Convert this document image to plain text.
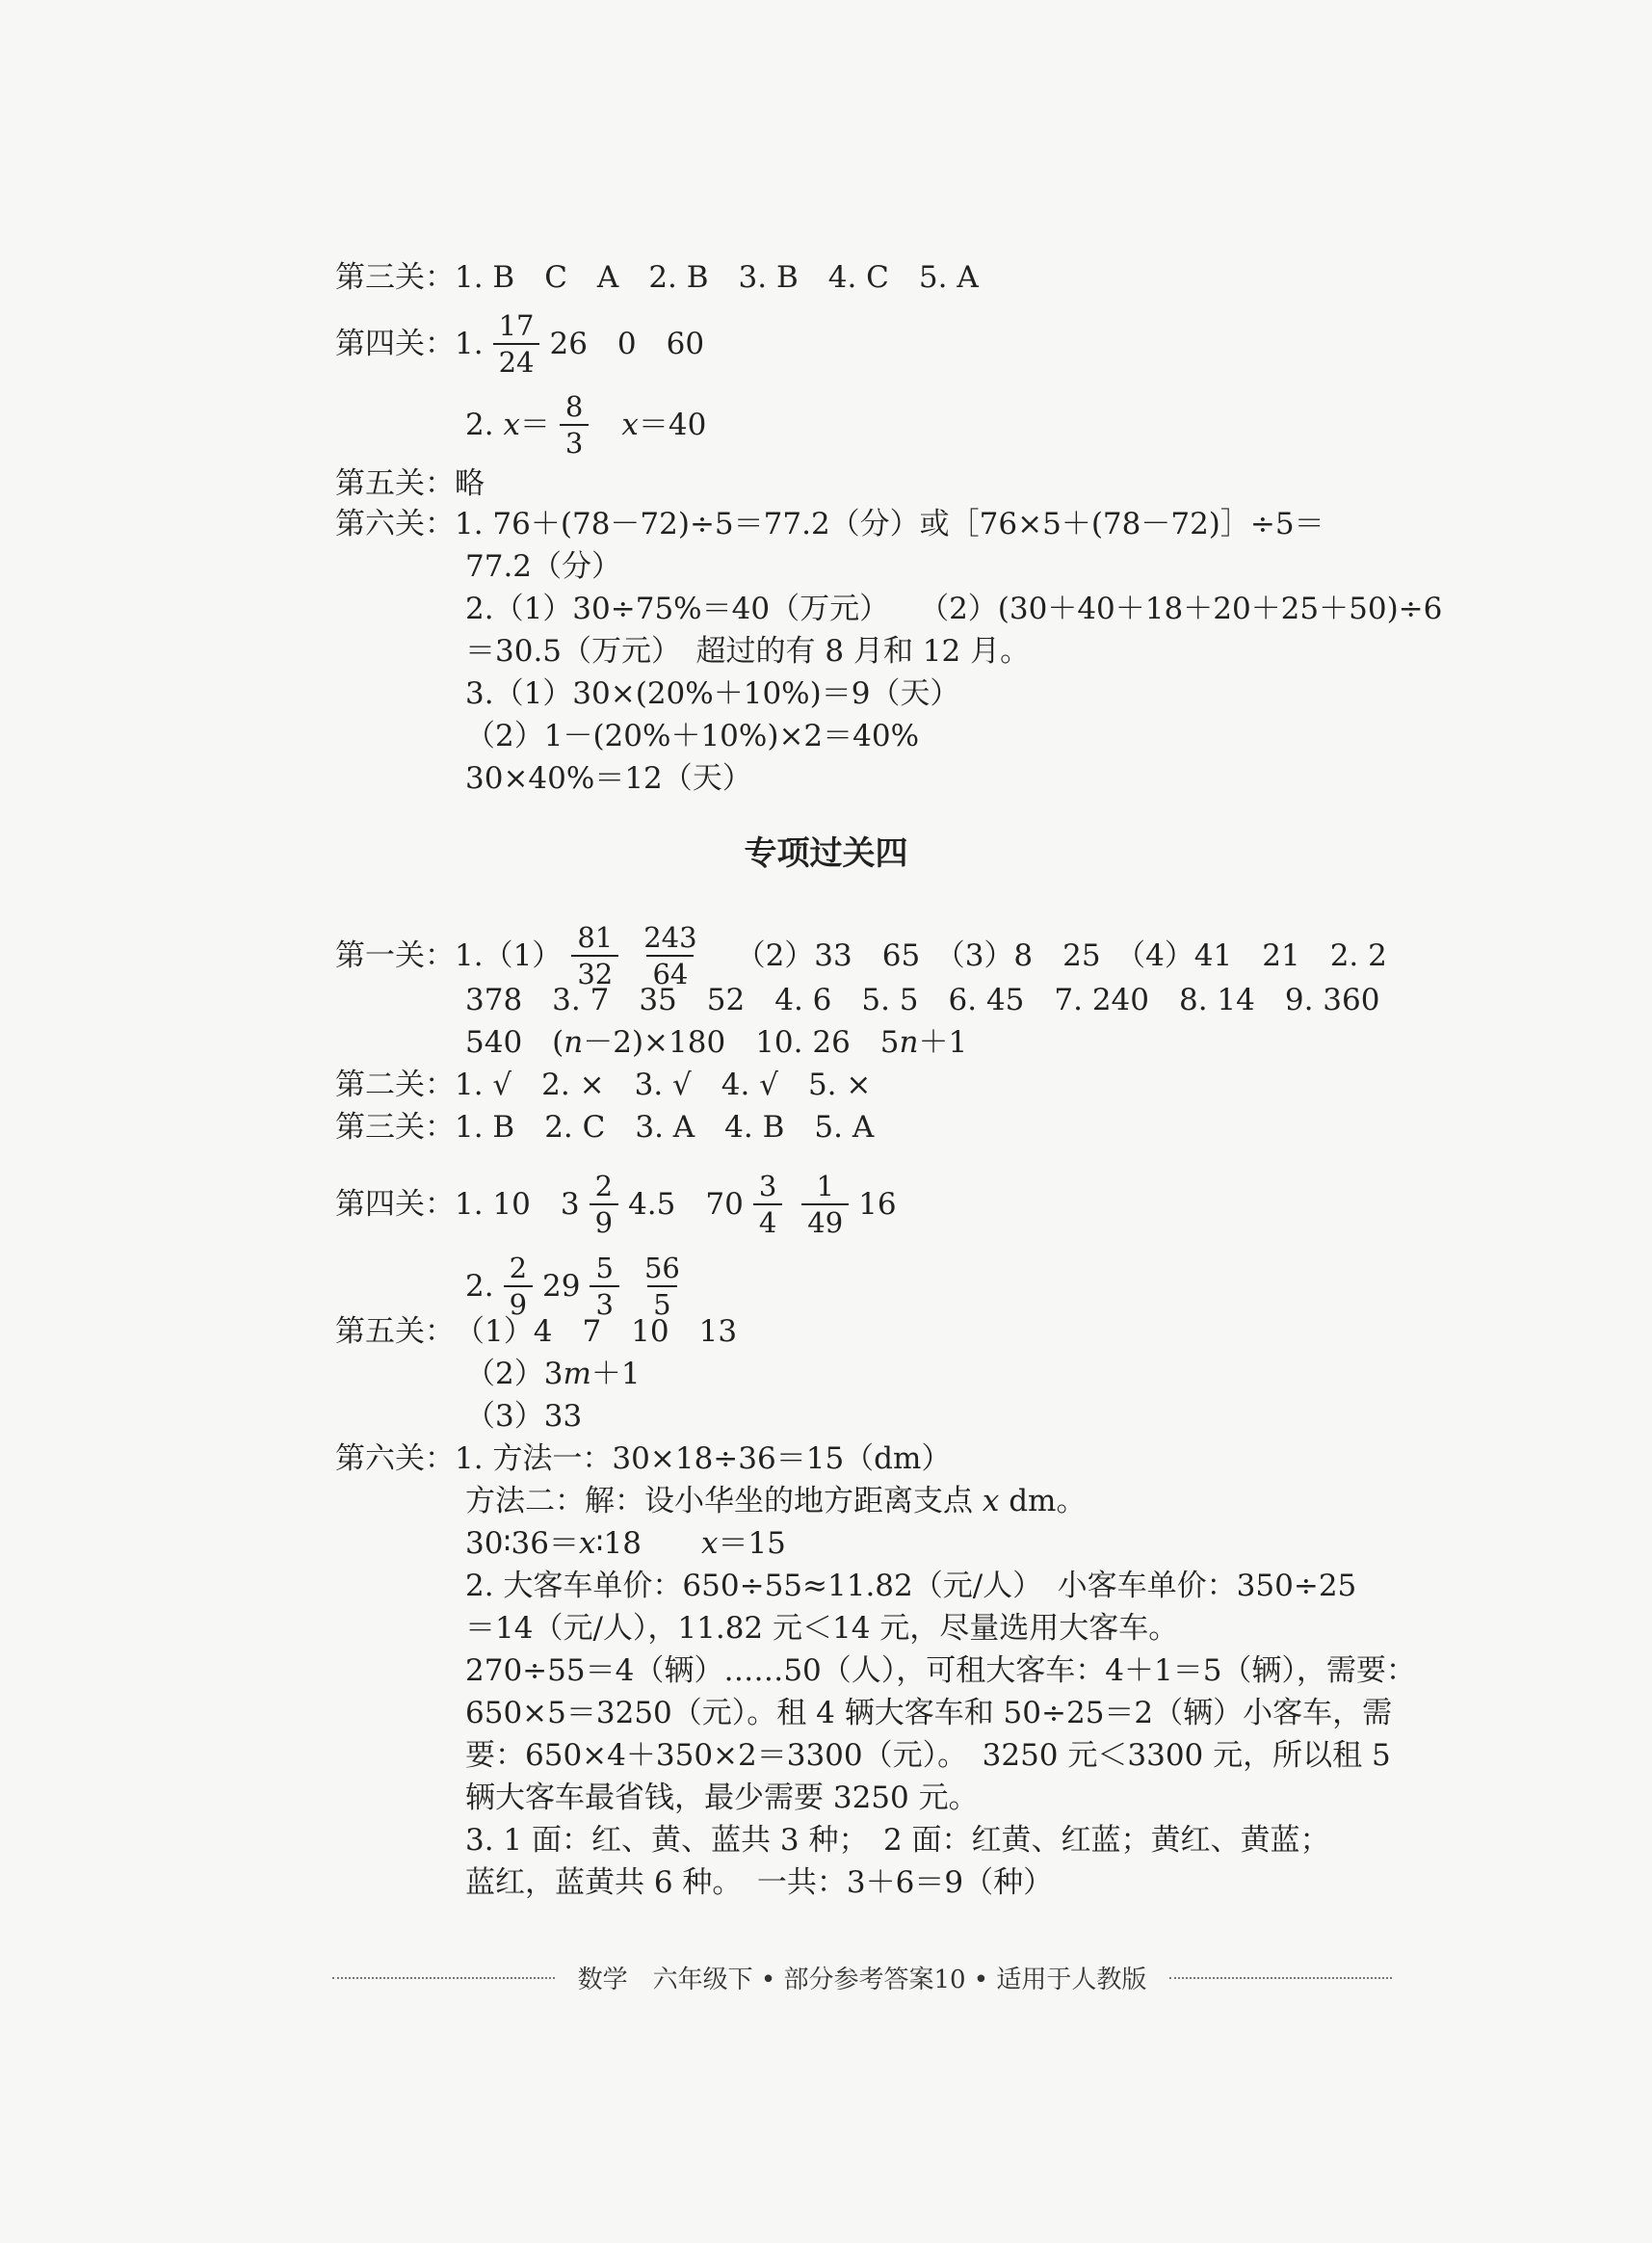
第三关： 1. B　C　A　2. B　3. B　4. C　5. A
第四关： 1. $\frac{17}{24} 26$　0　60
2. $x = \frac{8}{3}$ x ＝40
第五关： 略
第六关： 1. 76＋(78－72)÷5＝77.2（分）或［76×5＋(78－72)］÷5＝
77.2（分）
2.（1）30÷75%＝40（万元）　　（2）(30＋40＋18＋20＋25＋50)÷6
＝30.5（万元）　超过的有 8 月和 12 月。
3.（1）30×(20%＋10%)＝9（天）
（2）1－(20%＋10%)×2＝40%
30×40%＝12（天）
专项过关四
第一关： $1.(1) \frac{81}{32} \frac{243}{64} (2)33$　65　（3）8　25　（4）41　21　2. 2
378　3. 7　35　52　4. 6　5. 5　6. 45　7. 240　8. 14　9. 360
540　( n －2)×180　10. 26　5 n ＋1
第二关： 1. √　2. ×　3. √　4. √　5. ×
第三关： 1. B　2. C　3. A　4. B　5. A
第四关： 1. 10　$3 \frac{2}{9} 4.5$　$70 \frac{3}{4} \frac{1}{49} 16$
2. $\frac{2}{9} 29 \frac{5}{3} \frac{56}{5}$
第五关： （1）4　7　10　13
（2）3 m ＋1
（3）33
第六关： 1. 方法一：30×18÷36＝15（dm）
方法二：解：设小华坐的地方距离支点 x dm。
30∶36＝ x ∶18　　 x ＝15
2. 大客车单价：650÷55≈11.82（元/人）　小客车单价：350÷25
＝14（元/人），11.82 元＜14 元，尽量选用大客车。
270÷55＝4（辆）……50（人），可租大客车：4＋1＝5（辆），需要：
650×5＝3250（元）。租 4 辆大客车和 50÷25＝2（辆）小客车，需
要：650×4＋350×2＝3300（元）。　3250 元＜3300 元，所以租 5
辆大客车最省钱，最少需要 3250 元。
3. 1 面：红、黄、蓝共 3 种；　2 面：红黄、红蓝；黄红、黄蓝；
蓝红，蓝黄共 6 种。　一共：3＋6＝9（种）
数学　六年级下 • 部分参考答案10 • 适用于人教版
